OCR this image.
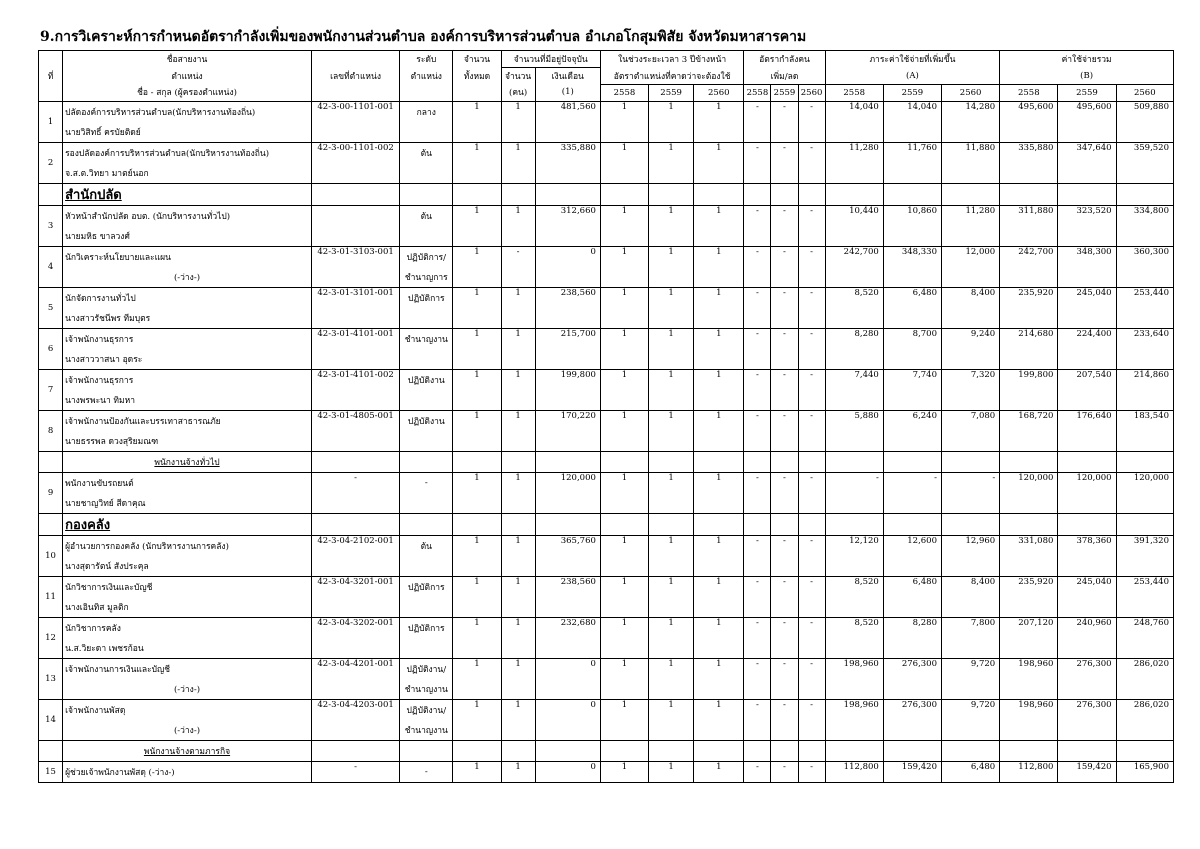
9.การวิเคราะห์การกำหนดอัตรากำลังเพิ่มของพนักงานส่วนตำบล องค์การบริหารส่วนตำบล อำเภอโกสุมพิสัย จังหวัดมหาสารคาม
ที่	ชื่อสายงาน		ระดับ	จำนวน	จำนวนที่มีอยู่ปัจจุบัน		ในช่วงระยะเวลา 3 ปีข้างหน้า			อัตรากำลังคน			ภาระค่าใช้จ่ายที่เพิ่มขึ้น			ค่าใช้จ่ายรวม		
	ตำแหน่ง	เลขที่ตำแหน่ง	ตำแหน่ง	ทั้งหมด	จำนวน	เงินเดือน	อัตราตำแหน่งที่คาดว่าจะต้องใช้			เพิ่ม/ลด			(A)			(B)		
	ชื่อ - สกุล (ผู้ครองตำแหน่ง)				(คน)	(1)	2558	2559	2560	2558	2559	2560	2558	2559	2560	2558	2559	2560
1	ปลัดองค์การบริหารส่วนตำบล(นักบริหารงานท้องถิ่น)	42-3-00-1101-001	กลาง	1	1	481,560	1	1	1	-	-	-	14,040	14,040	14,280	495,600	495,600	509,880
	นายวิสิทธิ์ ครบัยติดย์																	
2	รองปลัดองค์การบริหารส่วนตำบล(นักบริหารงานท้องถิ่น)	42-3-00-1101-002	ต้น	1	1	335,880	1	1	1	-	-	-	11,280	11,760	11,880	335,880	347,640	359,520
	จ.ส.ต.วิทยา มาตย์นอก																	
	สำนักปลัด																	
3	หัวหน้าสำนักปลัด อบต. (นักบริหารงานทั่วไป)		ต้น	1	1	312,660	1	1	1	-	-	-	10,440	10,860	11,280	311,880	323,520	334,800
	นายมหิธ ขาลวงศ์																	
4	นักวิเคราะห์นโยบายและแผน	42-3-01-3103-001	ปฏิบัติการ/	1	-	0	1	1	1	-	-	-	242,700	348,330	12,000	242,700	348,300	360,300
	(-ว่าง-)		ชำนาญการ															
5	นักจัดการงานทั่วไป	42-3-01-3101-001	ปฏิบัติการ	1	1	238,560	1	1	1	-	-	-	8,520	6,480	8,400	235,920	245,040	253,440
	นางสาวรัชนีพร ทีมบุตร																	
6	เจ้าพนักงานธุรการ	42-3-01-4101-001	ชำนาญงาน	1	1	215,700	1	1	1	-	-	-	8,280	8,700	9,240	214,680	224,400	233,640
	นางสาววาสนา อุดระ																	
7	เจ้าพนักงานธุรการ	42-3-01-4101-002	ปฏิบัติงาน	1	1	199,800	1	1	1	-	-	-	7,440	7,740	7,320	199,800	207,540	214,860
	นางพรพะนา ทิมหา																	
8	เจ้าพนักงานป้องกันและบรรเทาสาธารณภัย	42-3-01-4805-001	ปฏิบัติงาน	1	1	170,220	1	1	1	-	-	-	5,880	6,240	7,080	168,720	176,640	183,540
	นายธรรพล ดวงสุริยมณฑ																	

	พนักงานจ้างทั่วไป																	

9	พนักงานขับรถยนต์	-	-	1	1	120,000	1	1	1	-	-	-	-	-	-	120,000	120,000	120,000
	นายชาญวิทย์ สีดาคุณ																	
	กองคลัง																	
10	ผู้อำนวยการกองคลัง (นักบริหารงานการคลัง)	42-3-04-2102-001	ต้น	1	1	365,760	1	1	1	-	-	-	12,120	12,600	12,960	331,080	378,360	391,320
	นางสุดารัตน์ สังประคุล																	
11	นักวิชาการเงินและบัญชี	42-3-04-3201-001	ปฏิบัติการ	1	1	238,560	1	1	1	-	-	-	8,520	6,480	8,400	235,920	245,040	253,440
	นางเอินทิส มูลติก																	
12	นักวิชาการคลัง	42-3-04-3202-001	ปฏิบัติการ	1	1	232,680	1	1	1	-	-	-	8,520	8,280	7,800	207,120	240,960	248,760
	น.ส.วิยะดา เพชรก้อน																	
13	เจ้าพนักงานการเงินและบัญชี	42-3-04-4201-001	ปฏิบัติงาน/	1	1	0	1	1	1	-	-	-	198,960	276,300	9,720	198,960	276,300	286,020
	(-ว่าง-)		ชำนาญงาน															
14	เจ้าพนักงานพัสดุ	42-3-04-4203-001	ปฏิบัติงาน/	1	1	0	1	1	1	-	-	-	198,960	276,300	9,720	198,960	276,300	286,020
	(-ว่าง-)		ชำนาญงาน															

	พนักงานจ้างตามภารกิจ																	

15	ผู้ช่วยเจ้าพนักงานพัสดุ (-ว่าง-)	-	-	1	1	0	1	1	1	-	-	-	112,800	159,420	6,480	112,800	159,420	165,900
